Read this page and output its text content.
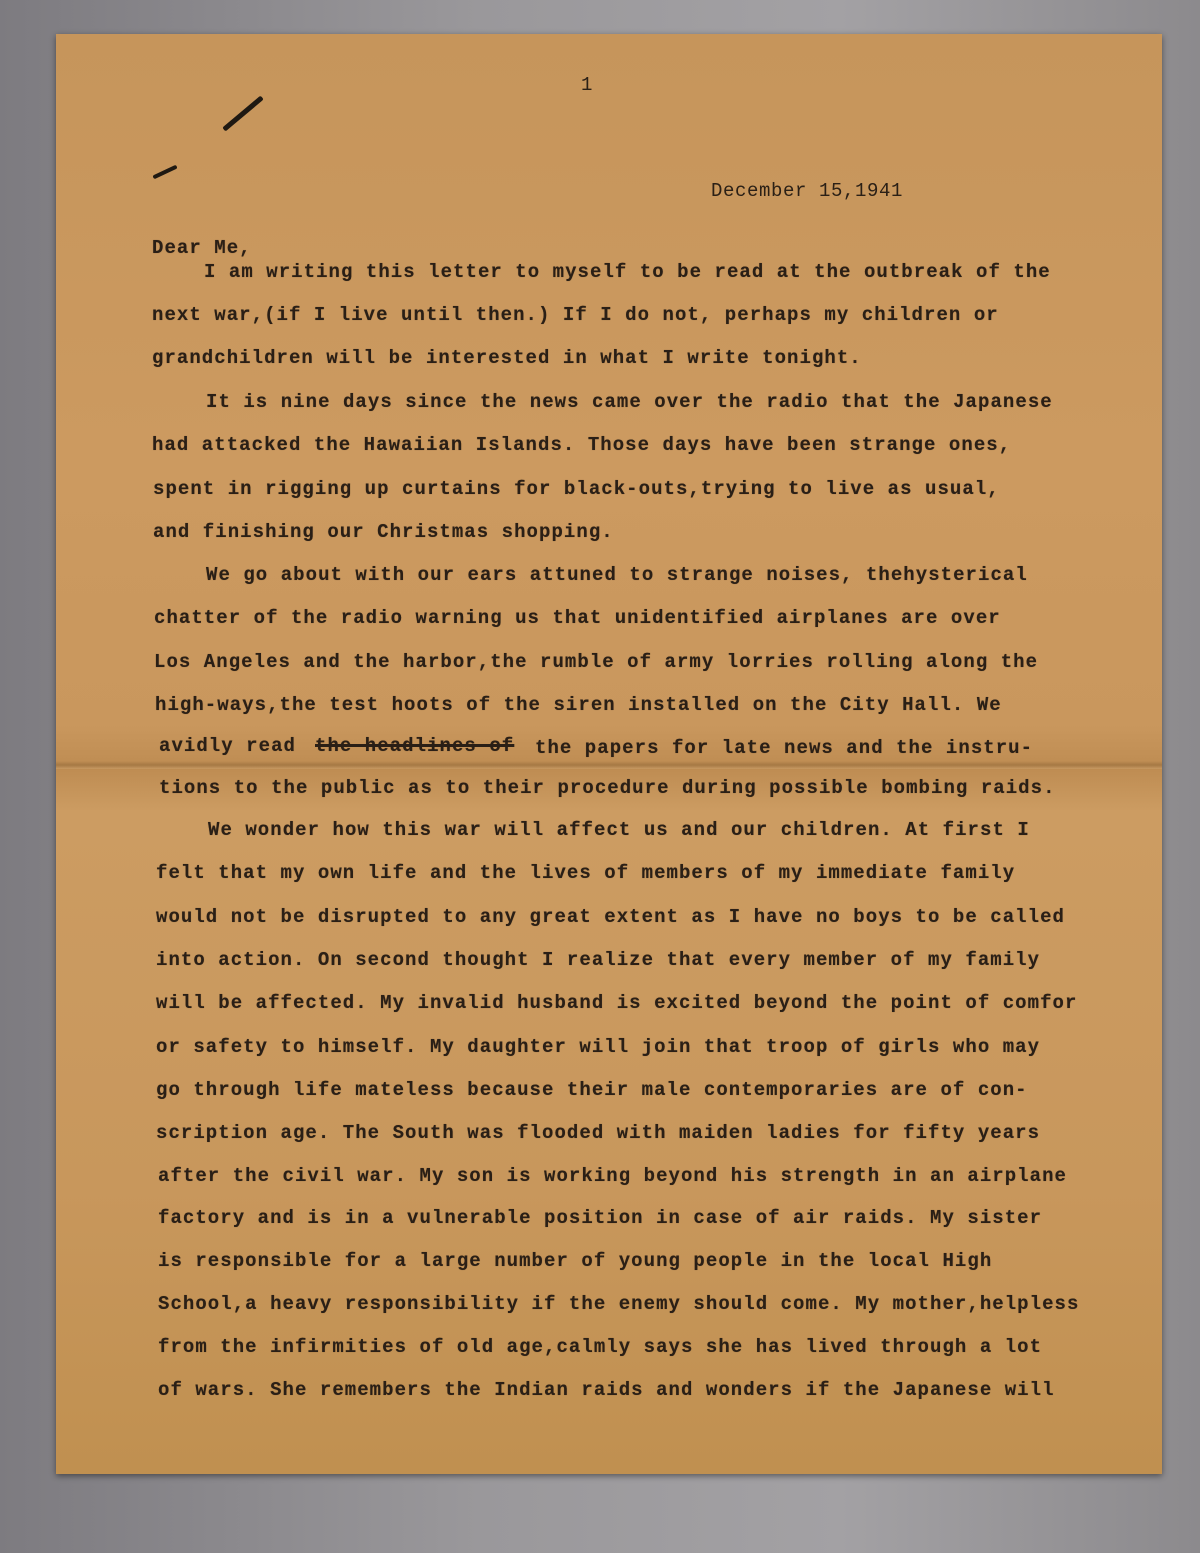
1
December 15,1941
Dear Me,
I am writing this letter to myself to be read at the outbreak of the
next war,(if I live until then.) If I do not, perhaps my children or
grandchildren will be interested in what I write tonight.
It is nine days since the news came over the radio that the Japanese
had attacked the Hawaiian Islands. Those days have been strange ones,
spent in rigging up curtains for black-outs,trying to live as usual,
and finishing our Christmas shopping.
We go about with our ears attuned to strange noises, thehysterical
chatter of the radio warning us that unidentified airplanes are over
Los Angeles and the harbor,the rumble of army lorries rolling along the
high-ways,the test hoots of the siren installed on the City Hall. We
avidly read the headlines of the papers for late news and the instru-
tions to the public as to their procedure during possible bombing raids.
We wonder how this war will affect us and our children. At first I
felt that my own life and the lives of members of my immediate family
would not be disrupted to any great extent as I have no boys to be called
into action. On second thought I realize that every member of my family
will be affected. My invalid husband is excited beyond the point of comfor
or safety to himself. My daughter will join that troop of girls who may
go through life mateless because their male contemporaries are of con-
scription age. The South was flooded with maiden ladies for fifty years
after the civil war. My son is working beyond his strength in an airplane
factory and is in a vulnerable position in case of air raids. My sister
is responsible for a large number of young people in the local High
School,a heavy responsibility if the enemy should come. My mother,helpless
from the infirmities of old age,calmly says she has lived through a lot
of wars. She remembers the Indian raids and wonders if the Japanese will
